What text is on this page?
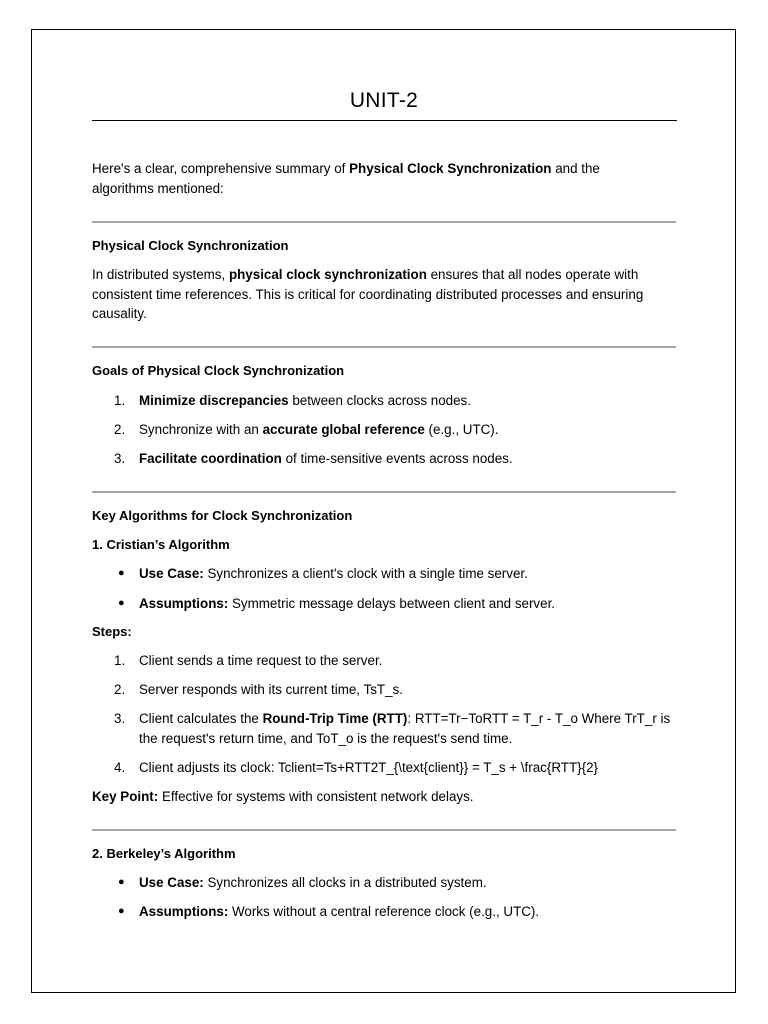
UNIT-2
Here's a clear, comprehensive summary of Physical Clock Synchronization and the algorithms mentioned:
Physical Clock Synchronization
In distributed systems, physical clock synchronization ensures that all nodes operate with consistent time references. This is critical for coordinating distributed processes and ensuring causality.
Goals of Physical Clock Synchronization
1.	Minimize discrepancies between clocks across nodes.
2.	Synchronize with an accurate global reference (e.g., UTC).
3.	Facilitate coordination of time-sensitive events across nodes.
Key Algorithms for Clock Synchronization
1. Cristian’s Algorithm
● Use Case: Synchronizes a client's clock with a single time server.
● Assumptions: Symmetric message delays between client and server.
Steps:
1.	Client sends a time request to the server.
2.	Server responds with its current time, TsT_s.
3.	Client calculates the Round-Trip Time (RTT): RTT=Tr−ToRTT = T_r - T_o Where TrT_r is the request's return time, and ToT_o is the request's send time.
4.	Client adjusts its clock: Tclient=Ts+RTT2T_{\text{client}} = T_s + \frac{RTT}{2}
Key Point: Effective for systems with consistent network delays.
2. Berkeley’s Algorithm
● Use Case: Synchronizes all clocks in a distributed system.
● Assumptions: Works without a central reference clock (e.g., UTC).
